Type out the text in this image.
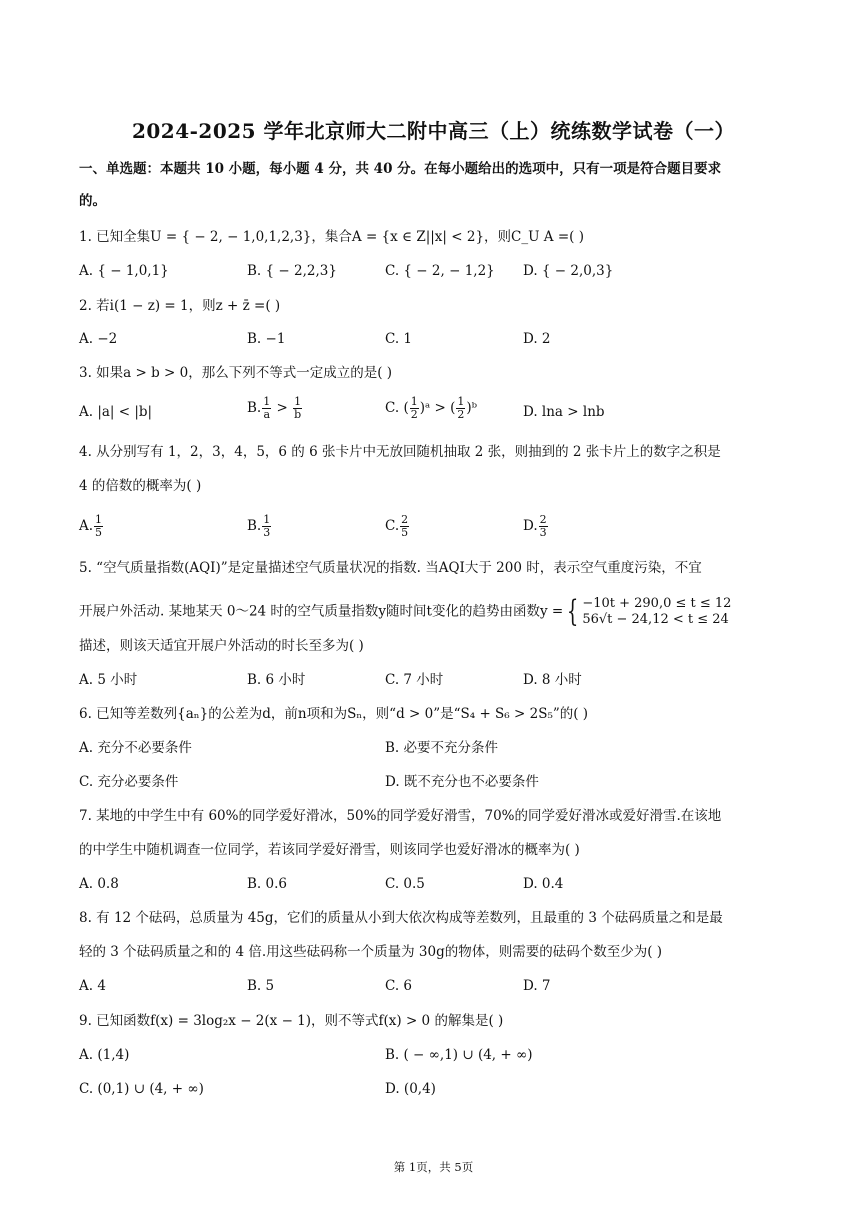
2024-2025 学年北京师大二附中高三（上）统练数学试卷（一）
一、单选题：本题共 10 小题，每小题 4 分，共 40 分。在每小题给出的选项中，只有一项是符合题目要求
的。
1. 已知全集U = { − 2, − 1,0,1,2,3}，集合A = {x ∈ Z||x| < 2}，则C_U A =( )
A. { − 1,0,1}	B. { − 2,2,3}	C. { − 2, − 1,2} D. { − 2,0,3}
2. 若i(1 − z) = 1，则z + z̄ =( )
A. −2	B. −1	C. 1	D. 2
3. 如果a > b > 0，那么下列不等式一定成立的是( )
A. |a| < |b|	B. $\frac{1}{a} > \frac{1}{b}$	C. ( $\frac{1}{2}$ )ᵃ > ( $\frac{1}{2}$ )ᵇ	D. lna > lnb
4. 从分别写有 1，2，3，4，5，6 的 6 张卡片中无放回随机抽取 2 张，则抽到的 2 张卡片上的数字之积是
4 的倍数的概率为( )
A. $\frac{1}{5}$	B. $\frac{1}{3}$	C. $\frac{2}{5}$	D. $\frac{2}{3}$
5. “空气质量指数(AQI)”是定量描述空气质量状况的指数. 当AQI大于 200 时，表示空气重度污染，不宜
开展户外活动. 某地某天 0～24 时的空气质量指数y随时间t变化的趋势由函数y = { −10t + 290,0 ≤ t ≤ 12
56√t − 24,12 < t ≤ 24
描述，则该天适宜开展户外活动的时长至多为( )
A. 5 小时	B. 6 小时	C. 7 小时	D. 8 小时
6. 已知等差数列{aₙ}的公差为d，前n项和为Sₙ，则“d > 0”是“S₄ + S₆ > 2S₅”的( )
A. 充分不必要条件	B. 必要不充分条件
C. 充分必要条件	D. 既不充分也不必要条件
7. 某地的中学生中有 60%的同学爱好滑冰，50%的同学爱好滑雪，70%的同学爱好滑冰或爱好滑雪.在该地
的中学生中随机调查一位同学，若该同学爱好滑雪，则该同学也爱好滑冰的概率为( )
A. 0.8	B. 0.6	C. 0.5	D. 0.4
8. 有 12 个砝码，总质量为 45g，它们的质量从小到大依次构成等差数列，且最重的 3 个砝码质量之和是最
轻的 3 个砝码质量之和的 4 倍.用这些砝码称一个质量为 30g的物体，则需要的砝码个数至少为( )
A. 4	B. 5	C. 6	D. 7
9. 已知函数f(x) = 3log₂x − 2(x − 1)，则不等式f(x) > 0 的解集是( )
A. (1,4)	B. ( − ∞,1) ∪ (4, + ∞)
C. (0,1) ∪ (4, + ∞)	D. (0,4)
第 1页，共 5页
